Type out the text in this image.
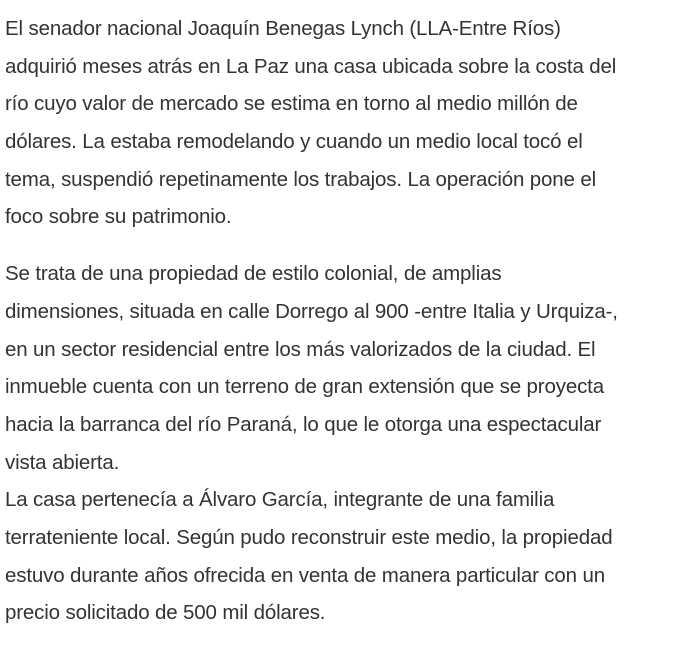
El senador nacional Joaquín Benegas Lynch (LLA-Entre Ríos)
adquirió meses atrás en La Paz una casa ubicada sobre la costa del
río cuyo valor de mercado se estima en torno al medio millón de
dólares. La estaba remodelando y cuando un medio local tocó el
tema, suspendió repetinamente los trabajos. La operación pone el
foco sobre su patrimonio.

Se trata de una propiedad de estilo colonial, de amplias
dimensiones, situada en calle Dorrego al 900 -entre Italia y Urquiza-,
en un sector residencial entre los más valorizados de la ciudad. El
inmueble cuenta con un terreno de gran extensión que se proyecta
hacia la barranca del río Paraná, lo que le otorga una espectacular
vista abierta.

La casa pertenecía a Álvaro García, integrante de una familia
terrateniente local. Según pudo reconstruir este medio, la propiedad
estuvo durante años ofrecida en venta de manera particular con un
precio solicitado de 500 mil dólares.
